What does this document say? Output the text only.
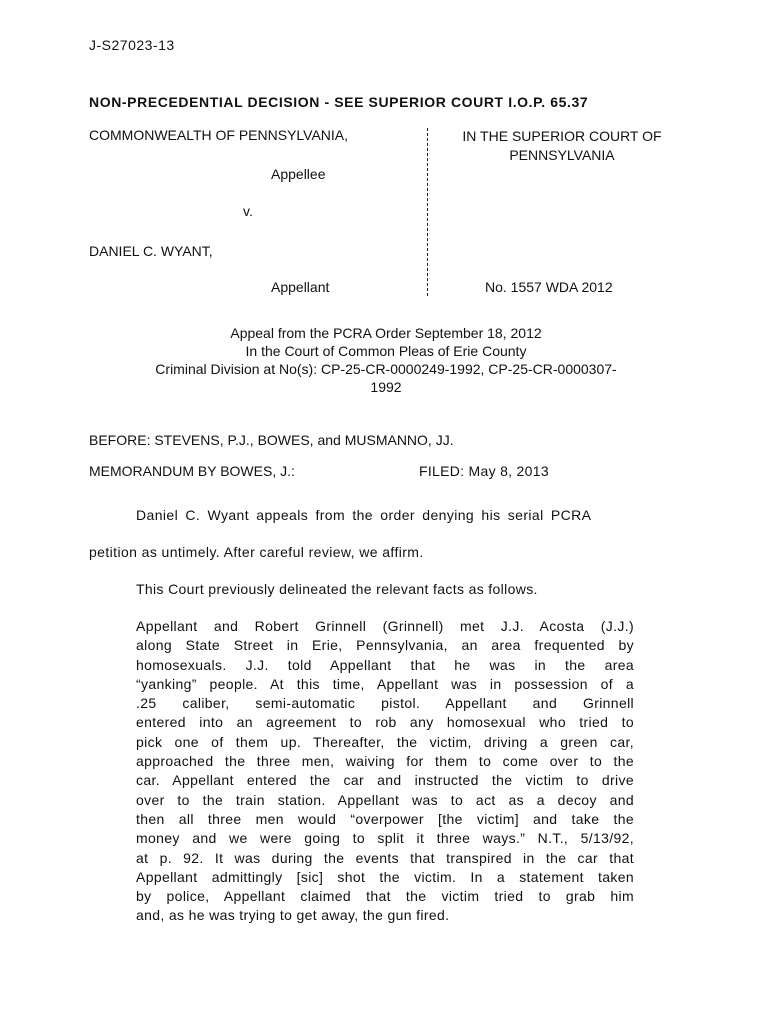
J-S27023-13
NON-PRECEDENTIAL DECISION - SEE SUPERIOR COURT I.O.P. 65.37
COMMONWEALTH OF PENNSYLVANIA,
Appellee
v.
DANIEL C. WYANT,
Appellant
IN THE SUPERIOR COURT OF
PENNSYLVANIA
No. 1557 WDA 2012
Appeal from the PCRA Order September 18, 2012
In the Court of Common Pleas of Erie County
Criminal Division at No(s): CP-25-CR-0000249-1992, CP-25-CR-0000307-
1992
BEFORE: STEVENS, P.J., BOWES, and MUSMANNO, JJ.
MEMORANDUM BY BOWES, J.:	FILED: May 8, 2013
Daniel C. Wyant appeals from the order denying his serial PCRA
petition as untimely. After careful review, we affirm.
This Court previously delineated the relevant facts as follows.
Appellant and Robert Grinnell (Grinnell) met J.J. Acosta (J.J.)
along State Street in Erie, Pennsylvania, an area frequented by
homosexuals. J.J. told Appellant that he was in the area
“yanking” people. At this time, Appellant was in possession of a
.25 caliber, semi-automatic pistol. Appellant and Grinnell
entered into an agreement to rob any homosexual who tried to
pick one of them up. Thereafter, the victim, driving a green car,
approached the three men, waiving for them to come over to the
car. Appellant entered the car and instructed the victim to drive
over to the train station. Appellant was to act as a decoy and
then all three men would “overpower [the victim] and take the
money and we were going to split it three ways.” N.T., 5/13/92,
at p. 92. It was during the events that transpired in the car that
Appellant admittingly [sic] shot the victim. In a statement taken
by police, Appellant claimed that the victim tried to grab him
and, as he was trying to get away, the gun fired.
